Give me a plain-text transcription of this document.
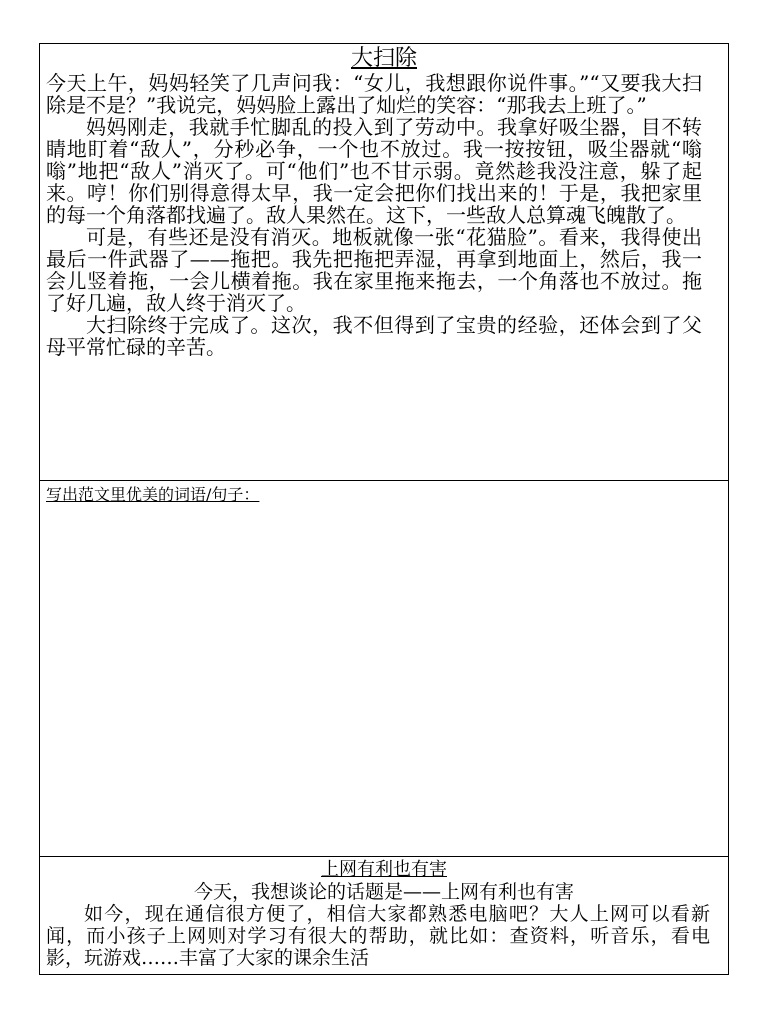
大扫除

今天上午，妈妈轻笑了几声问我：“女儿，我想跟你说件事。”“又要我大扫除是不是？”我说完，妈妈脸上露出了灿烂的笑容：“那我去上班了。”

妈妈刚走，我就手忙脚乱的投入到了劳动中。我拿好吸尘器，目不转睛地盯着“敌人”，分秒必争，一个也不放过。我一按按钮，吸尘器就“嗡嗡”地把“敌人”消灭了。可“他们”也不甘示弱。竟然趁我没注意，躲了起来。哼！你们别得意得太早，我一定会把你们找出来的！于是，我把家里的每一个角落都找遍了。敌人果然在。这下，一些敌人总算魂飞魄散了。

可是，有些还是没有消灭。地板就像一张“花猫脸”。看来，我得使出最后一件武器了——拖把。我先把拖把弄湿，再拿到地面上，然后，我一会儿竖着拖，一会儿横着拖。我在家里拖来拖去，一个角落也不放过。拖了好几遍，敌人终于消灭了。

大扫除终于完成了。这次，我不但得到了宝贵的经验，还体会到了父母平常忙碌的辛苦。

写出范文里优美的词语/句子：
上网有利也有害

今天，我想谈论的话题是——上网有利也有害

如今，现在通信很方便了，相信大家都熟悉电脑吧？大人上网可以看新闻，而小孩子上网则对学习有很大的帮助，就比如：查资料，听音乐，看电影，玩游戏……丰富了大家的课余生活
